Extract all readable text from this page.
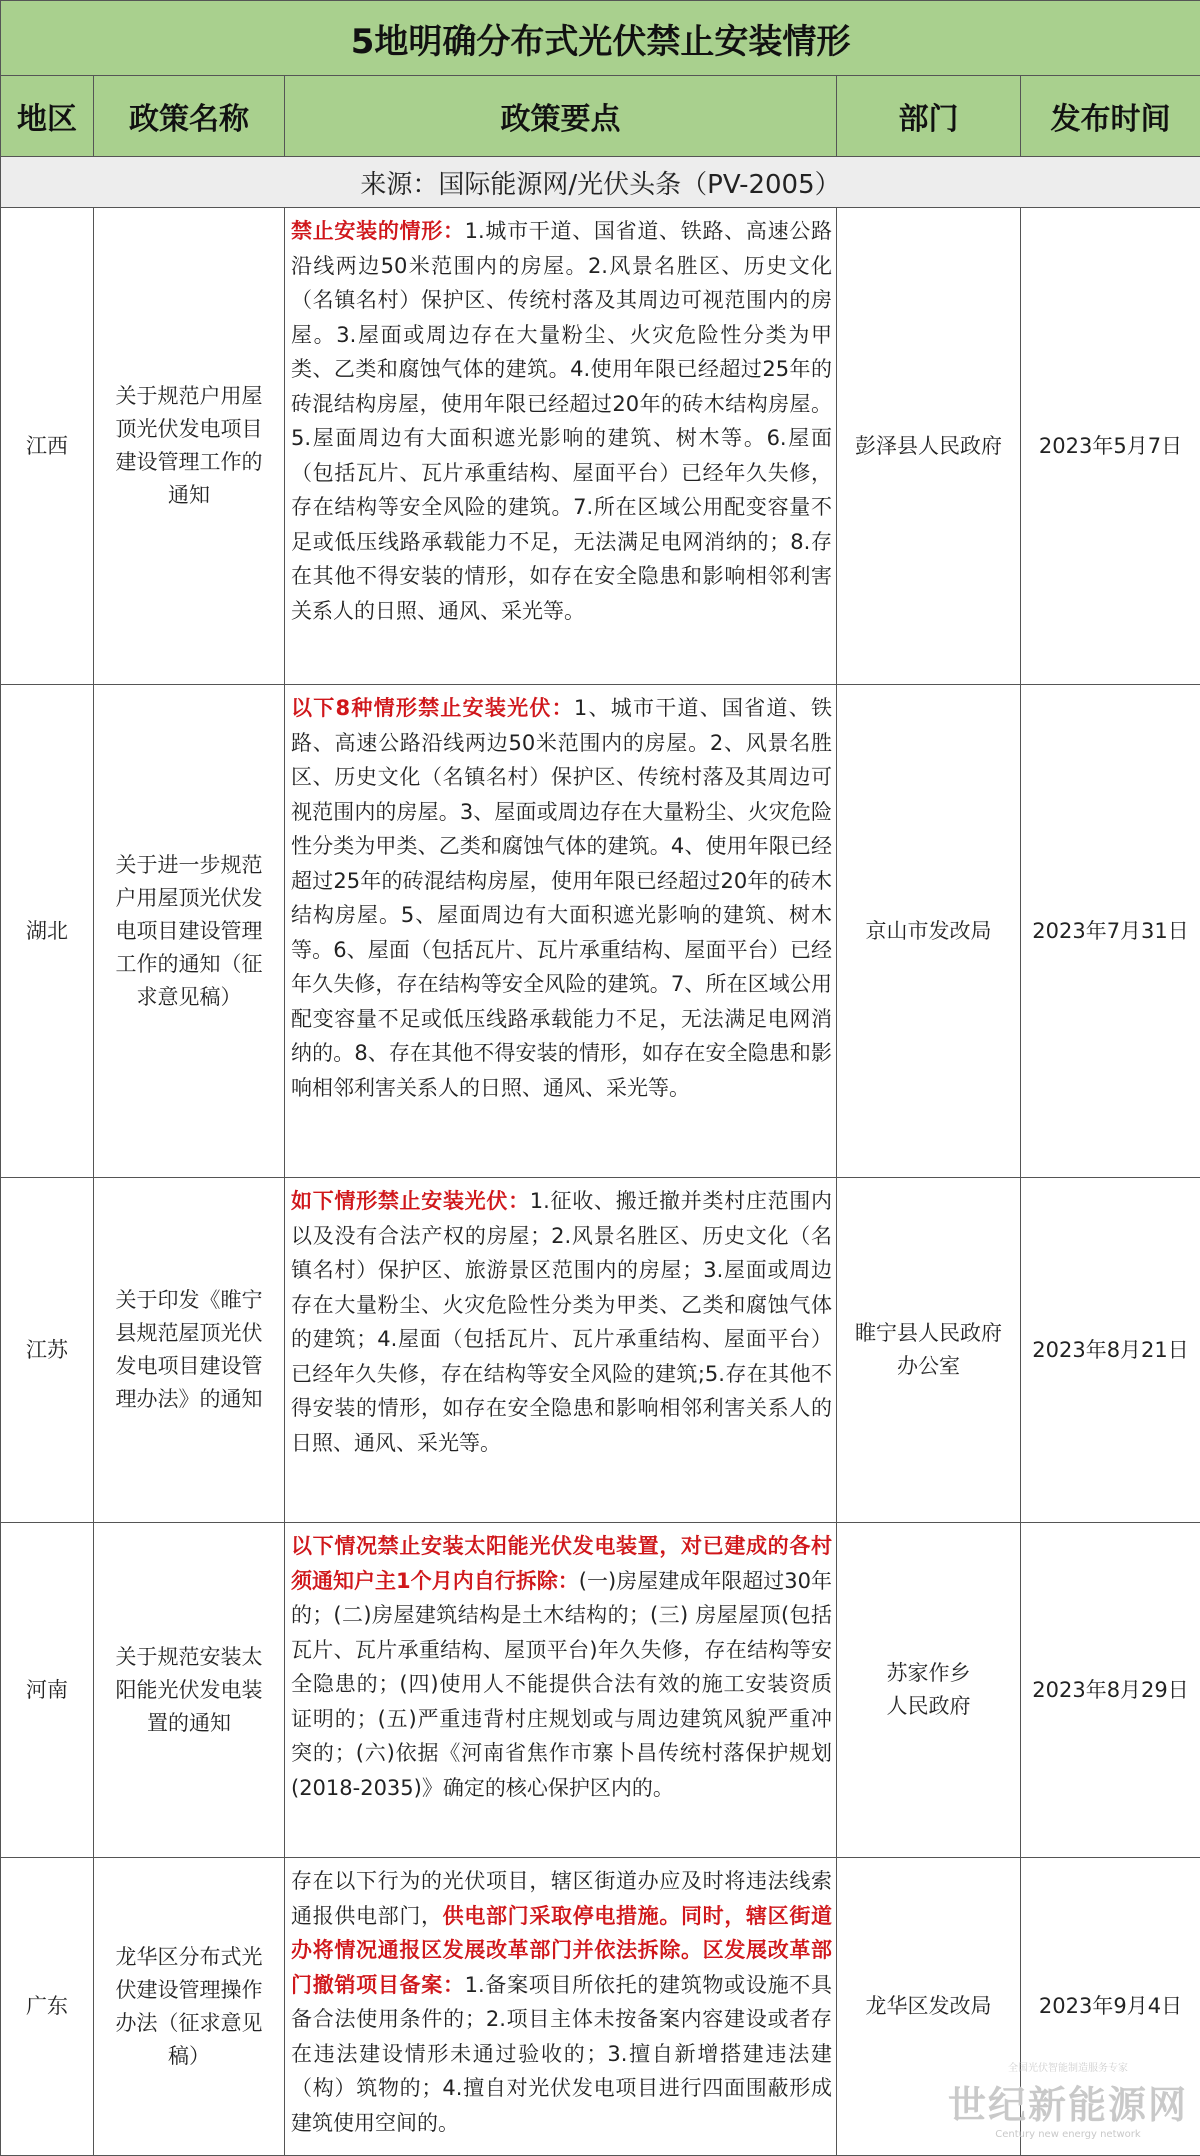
5地明确分布式光伏禁止安装情形				
地区	政策名称	政策要点	部门	发布时间
来源：国际能源网/光伏头条（PV-2005）				
江西	关于规范户用屋顶光伏发电项目建设管理工作的通知	禁止安装的情形：1.城市干道、国省道、铁路、高速公路沿线两边50米范围内的房屋。2.风景名胜区、历史文化（名镇名村）保护区、传统村落及其周边可视范围内的房屋。3.屋面或周边存在大量粉尘、火灾危险性分类为甲类、乙类和腐蚀气体的建筑。4.使用年限已经超过25年的砖混结构房屋，使用年限已经超过20年的砖木结构房屋。5.屋面周边有大面积遮光影响的建筑、树木等。6.屋面（包括瓦片、瓦片承重结构、屋面平台）已经年久失修，存在结构等安全风险的建筑。7.所在区域公用配变容量不足或低压线路承载能力不足，无法满足电网消纳的；8.存在其他不得安装的情形，如存在安全隐患和影响相邻利害关系人的日照、通风、采光等。	彭泽县人民政府	2023年5月7日
湖北	关于进一步规范户用屋顶光伏发电项目建设管理工作的通知（征求意见稿）	以下8种情形禁止安装光伏：1、城市干道、国省道、铁路、高速公路沿线两边50米范围内的房屋。2、风景名胜区、历史文化（名镇名村）保护区、传统村落及其周边可视范围内的房屋。3、屋面或周边存在大量粉尘、火灾危险性分类为甲类、乙类和腐蚀气体的建筑。4、使用年限已经超过25年的砖混结构房屋，使用年限已经超过20年的砖木结构房屋。5、屋面周边有大面积遮光影响的建筑、树木等。6、屋面（包括瓦片、瓦片承重结构、屋面平台）已经年久失修，存在结构等安全风险的建筑。7、所在区域公用配变容量不足或低压线路承载能力不足，无法满足电网消纳的。8、存在其他不得安装的情形，如存在安全隐患和影响相邻利害关系人的日照、通风、采光等。	京山市发改局	2023年7月31日
江苏	关于印发《睢宁县规范屋顶光伏发电项目建设管理办法》的通知	如下情形禁止安装光伏：1.征收、搬迁撤并类村庄范围内以及没有合法产权的房屋；2.风景名胜区、历史文化（名镇名村）保护区、旅游景区范围内的房屋；3.屋面或周边存在大量粉尘、火灾危险性分类为甲类、乙类和腐蚀气体的建筑；4.屋面（包括瓦片、瓦片承重结构、屋面平台）已经年久失修，存在结构等安全风险的建筑;5.存在其他不得安装的情形，如存在安全隐患和影响相邻利害关系人的日照、通风、采光等。	睢宁县人民政府办公室	2023年8月21日
河南	关于规范安装太阳能光伏发电装置的通知	以下情况禁止安装太阳能光伏发电装置，对已建成的各村须通知户主1个月内自行拆除：(一)房屋建成年限超过30年的；(二)房屋建筑结构是土木结构的；(三) 房屋屋顶(包括瓦片、瓦片承重结构、屋顶平台)年久失修，存在结构等安全隐患的；(四)使用人不能提供合法有效的施工安装资质证明的；(五)严重违背村庄规划或与周边建筑风貌严重冲突的；(六)依据《河南省焦作市寨卜昌传统村落保护规划(2018-2035)》确定的核心保护区内的。	苏家作乡人民政府	2023年8月29日
广东	龙华区分布式光伏建设管理操作办法（征求意见稿）	存在以下行为的光伏项目，辖区街道办应及时将违法线索通报供电部门，供电部门采取停电措施。同时，辖区街道办将情况通报区发展改革部门并依法拆除。区发展改革部门撤销项目备案：1.备案项目所依托的建筑物或设施不具备合法使用条件的；2.项目主体未按备案内容建设或者存在违法建设情形未通过验收的；3.擅自新增搭建违法建（构）筑物的；4.擅自对光伏发电项目进行四面围蔽形成建筑使用空间的。	龙华区发改局	2023年9月4日
全国光伏智能制造服务专家
世纪新能源网
Century new energy network
